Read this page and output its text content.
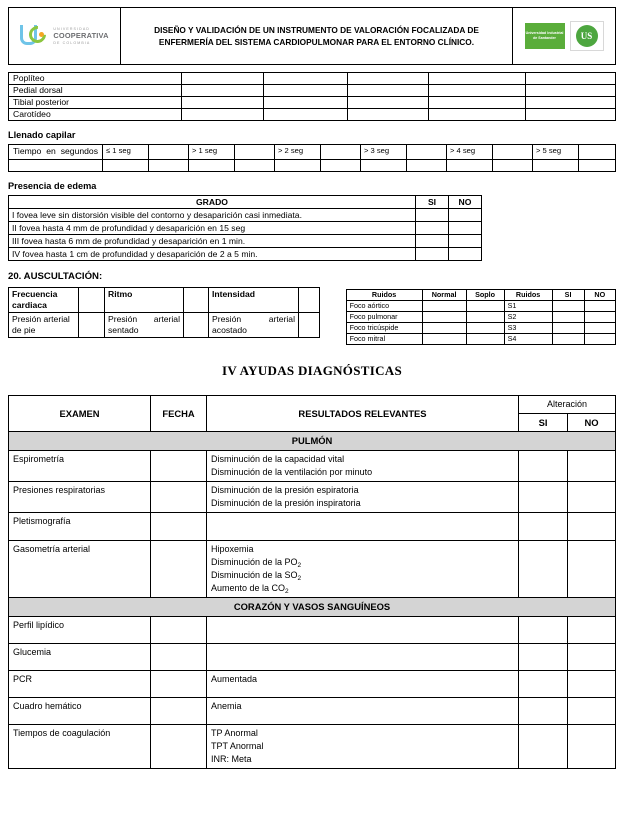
UNIVERSIDAD
COOPERATIVA
DE COLOMBIA
DISEÑO Y VALIDACIÓN DE UN INSTRUMENTO DE VALORACIÓN FOCALIZADA DE ENFERMERÍA DEL SISTEMA CARDIOPULMONAR PARA EL ENTORNO CLÍNICO.
Universidad Industrial de Santander	US
Poplíteo					
Pedial dorsal					
Tibial posterior					
Carotídeo					
Llenado capilar
Tiempo en segundos	≤ 1 seg		> 1 seg		> 2 seg		> 3 seg		> 4 seg		> 5 seg	

Presencia de edema
GRADO	SI	NO
I fovea leve sin distorsión visible del contorno y desaparición casi inmediata.		
II fovea hasta 4 mm de profundidad y desaparición en 15 seg		
III fovea hasta 6 mm de profundidad y desaparición en 1 min.		
IV fovea hasta 1 cm de profundidad y desaparición de 2 a 5 min.		
20. AUSCULTACIÓN:
Frecuencia cardiaca		Ritmo		Intensidad	
Presión arterial de pie		Presión arterial sentado		Presión arterial acostado	
Ruidos	Normal	Soplo	Ruidos	SI	NO
Foco aórtico			S1		
Foco pulmonar			S2		
Foco tricúspide			S3		
Foco mitral			S4		
IV AYUDAS DIAGNÓSTICAS
EXAMEN	FECHA	RESULTADOS RELEVANTES	Alteración	
			SI	NO
PULMÓN				
Espirometría		Disminución de la capacidad vital
Disminución de la ventilación por minuto		

Presiones respiratorias		Disminución de la presión espiratoria
Disminución de la presión inspiratoria		

Pletismografía				
Gasometría arterial		Hipoxemia
Disminución de la $PO_2$
Disminución de la $SO_2$
Aumento de la $CO_2$

CORAZÓN Y VASOS SANGUÍNEOS				
Perfil lipídico				
Glucemia				
PCR		Aumentada		
Cuadro hemático		Anemia		
Tiempos de coagulación		TP Anormal
TPT Anormal
INR: Meta		
